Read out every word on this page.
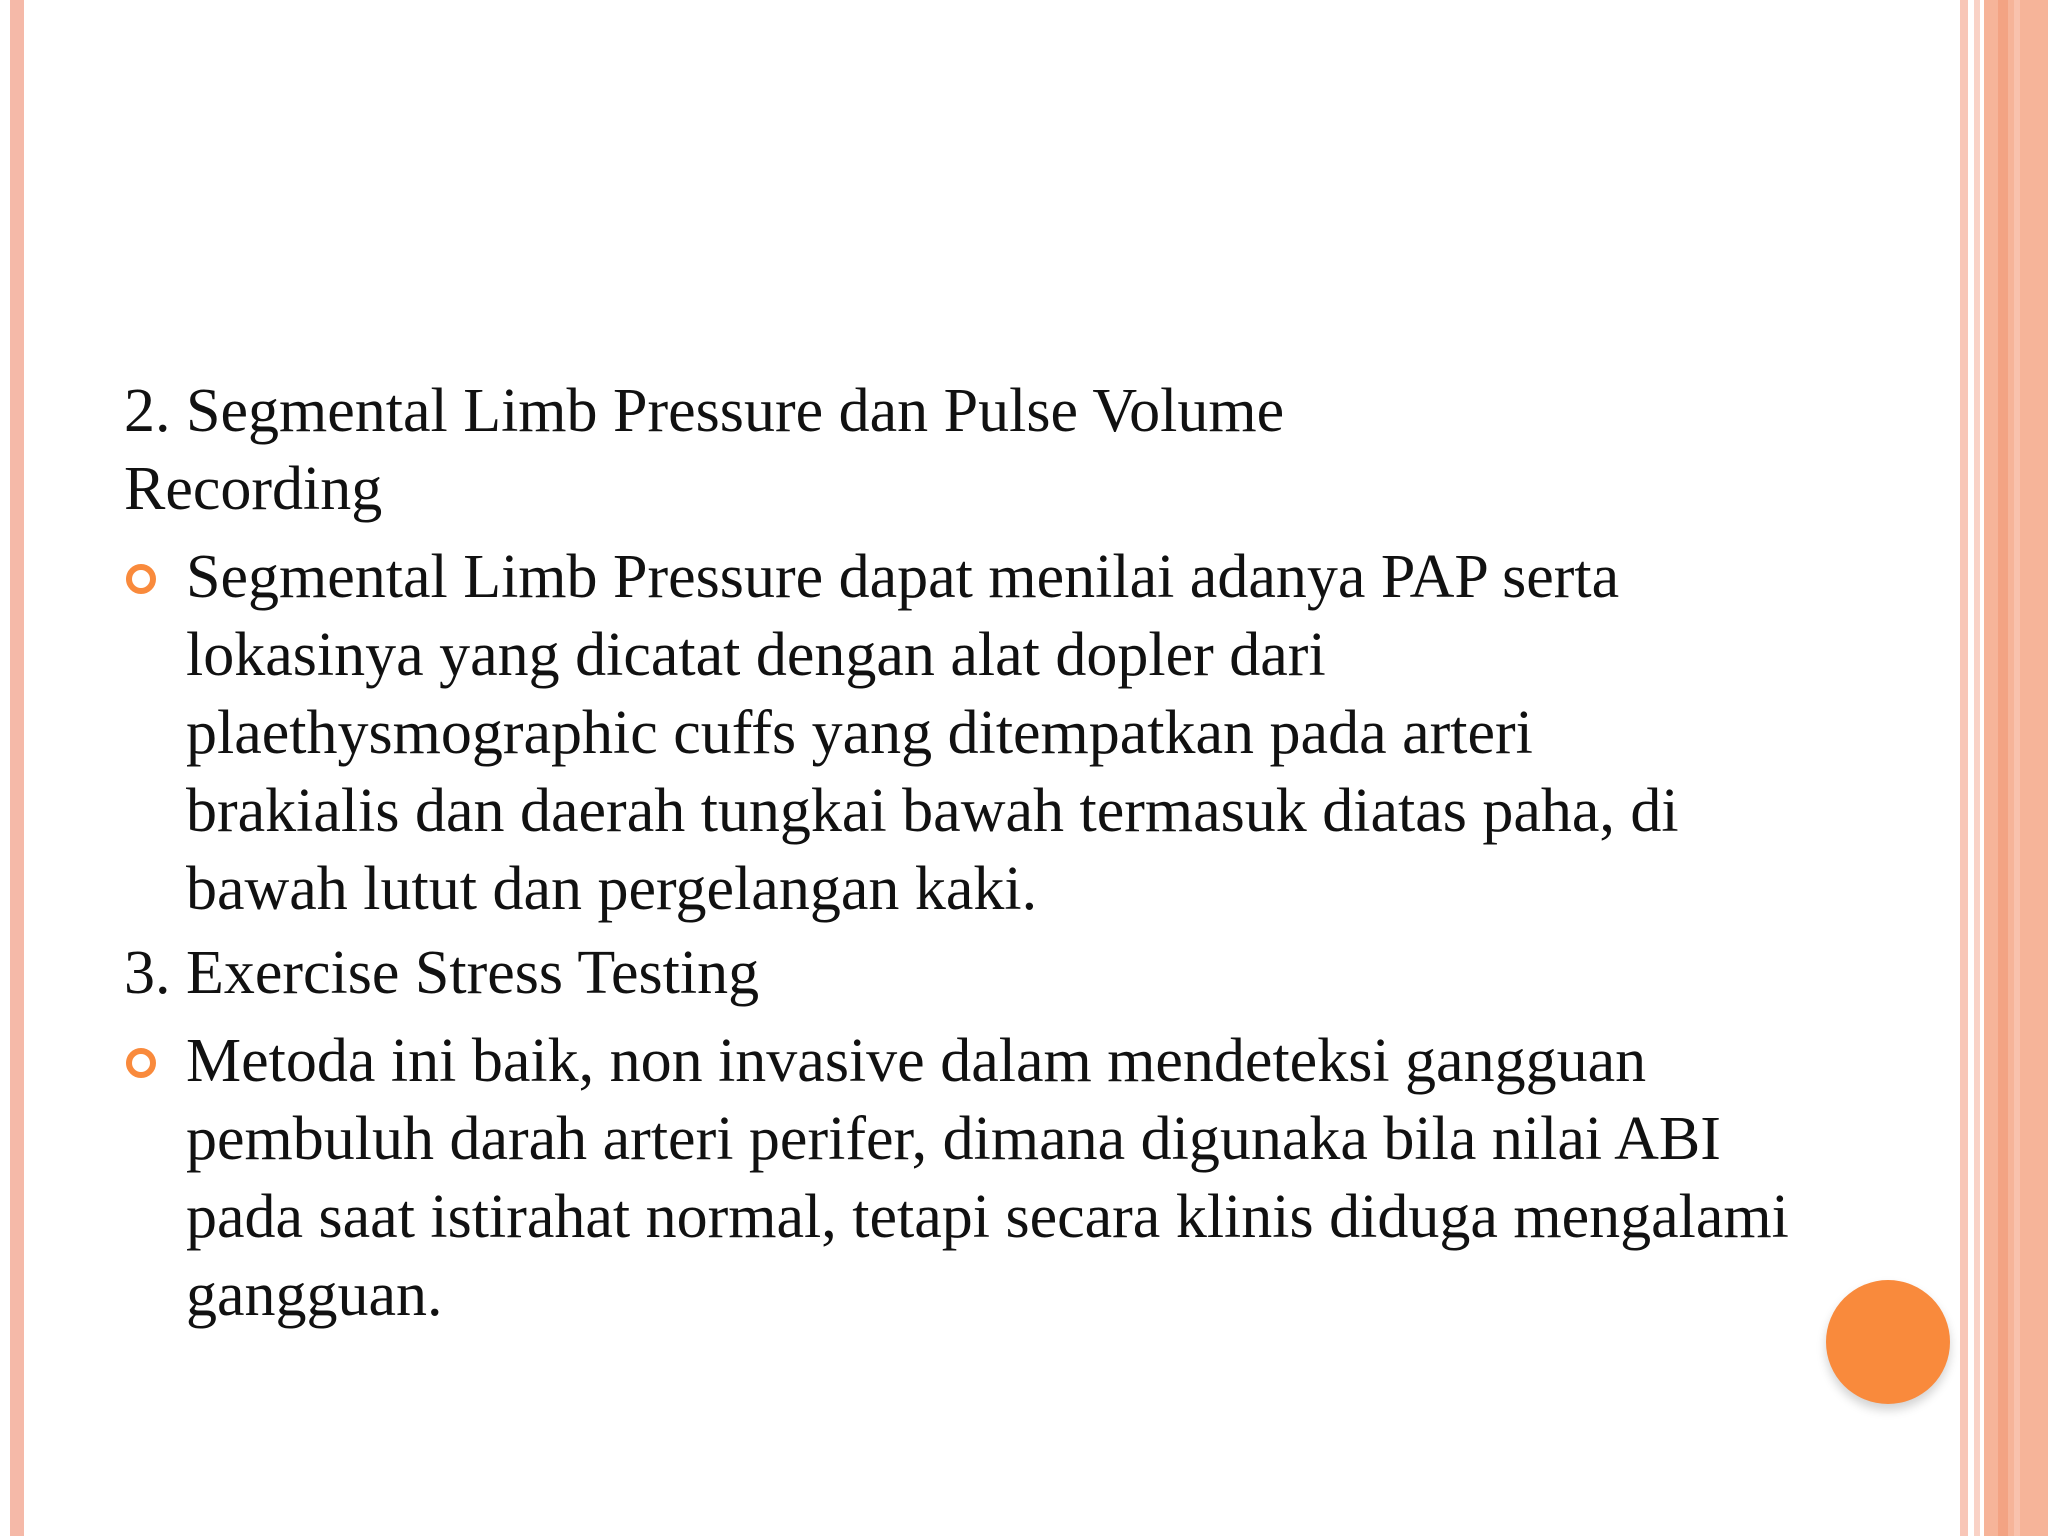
2. Segmental Limb Pressure dan Pulse Volume Recording

Segmental Limb Pressure dapat menilai adanya PAP serta lokasinya yang dicatat dengan alat dopler dari plaethysmographic cuffs yang ditempatkan pada arteri brakialis dan daerah tungkai bawah termasuk diatas paha, di bawah lutut dan pergelangan kaki.

3. Exercise Stress Testing

Metoda ini baik, non invasive dalam mendeteksi gangguan pembuluh darah arteri perifer, dimana digunaka bila nilai ABI pada saat istirahat normal, tetapi secara klinis diduga mengalami gangguan.
